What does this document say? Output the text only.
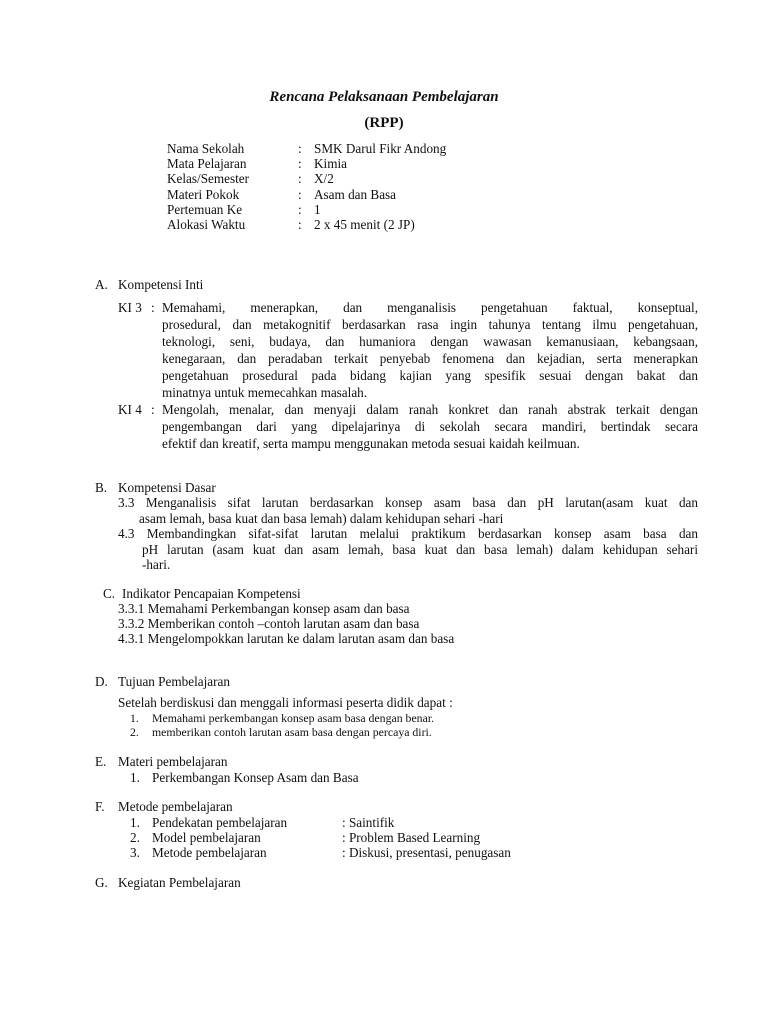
Rencana Pelaksanaan Pembelajaran
(RPP)
Nama Sekolah	: SMK Darul Fikr Andong
Mata Pelajaran	: Kimia
Kelas/Semester	: X/2
Materi Pokok	: Asam dan Basa
Pertemuan Ke	: 1
Alokasi Waktu	: 2 x 45 menit (2 JP)
A. Kompetensi Inti
KI 3 : Memahami, menerapkan, dan menganalisis pengetahuan faktual, konseptual,
prosedural, dan metakognitif berdasarkan rasa ingin tahunya tentang ilmu pengetahuan,
teknologi, seni, budaya, dan humaniora dengan wawasan kemanusiaan, kebangsaan,
kenegaraan, dan peradaban terkait penyebab fenomena dan kejadian, serta menerapkan
pengetahuan prosedural pada bidang kajian yang spesifik sesuai dengan bakat dan
minatnya untuk memecahkan masalah.
KI 4 : Mengolah, menalar, dan menyaji dalam ranah konkret dan ranah abstrak terkait dengan
pengembangan dari yang dipelajarinya di sekolah secara mandiri, bertindak secara
efektif dan kreatif, serta mampu menggunakan metoda sesuai kaidah keilmuan.
B. Kompetensi Dasar
3.3 Menganalisis sifat larutan berdasarkan konsep asam basa dan pH larutan(asam kuat dan
asam lemah, basa kuat dan basa lemah) dalam kehidupan sehari -hari
4.3 Membandingkan sifat-sifat larutan melalui praktikum berdasarkan konsep asam basa dan
pH larutan (asam kuat dan asam lemah, basa kuat dan basa lemah) dalam kehidupan sehari
-hari.
C. Indikator Pencapaian Kompetensi
3.3.1 Memahami Perkembangan konsep asam dan basa
3.3.2 Memberikan contoh –contoh larutan asam dan basa
4.3.1 Mengelompokkan larutan ke dalam larutan asam dan basa
D. Tujuan Pembelajaran
Setelah berdiskusi dan menggali informasi peserta didik dapat :
1. Memahami perkembangan konsep asam basa dengan benar.
2. memberikan contoh larutan asam basa dengan percaya diri.
E. Materi pembelajaran
1. Perkembangan Konsep Asam dan Basa
F. Metode pembelajaran
1. Pendekatan pembelajaran	: Saintifik
2. Model pembelajaran	: Problem Based Learning
3. Metode pembelajaran	: Diskusi, presentasi, penugasan
G. Kegiatan Pembelajaran
